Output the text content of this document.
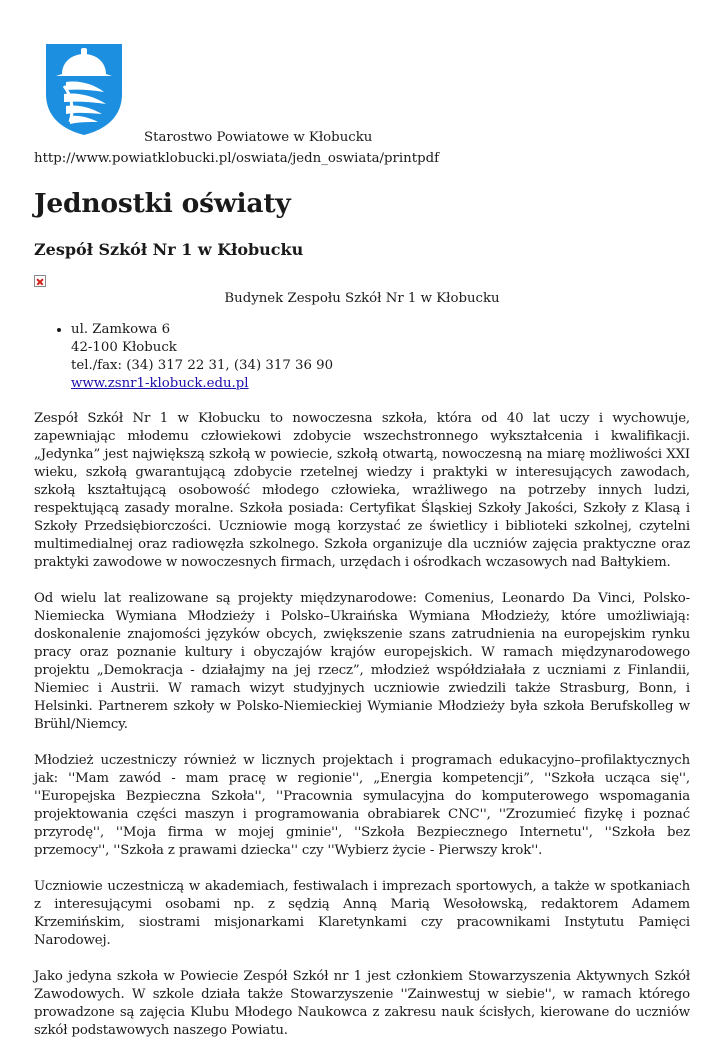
Starostwo Powiatowe w Kłobucku
http://www.powiatklobucki.pl/oswiata/jedn_oswiata/printpdf
Jednostki oświaty
Zespół Szkół Nr 1 w Kłobucku
Budynek Zespołu Szkół Nr 1 w Kłobucku
• ul. Zamkowa 6
42-100 Kłobuck
tel./fax: (34) 317 22 31, (34) 317 36 90
www.zsnr1-klobuck.edu.pl

Zespół Szkół Nr 1 w Kłobucku to nowoczesna szkoła, która od 40 lat uczy i wychowuje, zapewniając młodemu człowiekowi zdobycie wszechstronnego wykształcenia i kwalifikacji. „Jedynka” jest największą szkołą w powiecie, szkołą otwartą, nowoczesną na miarę możliwości XXI wieku, szkołą gwarantującą zdobycie rzetelnej wiedzy i praktyki w interesujących zawodach, szkołą kształtującą osobowość młodego człowieka, wrażliwego na potrzeby innych ludzi, respektującą zasady moralne. Szkoła posiada: Certyfikat Śląskiej Szkoły Jakości, Szkoły z Klasą i Szkoły Przedsiębiorczości. Uczniowie mogą korzystać ze świetlicy i biblioteki szkolnej, czytelni multimedialnej oraz radiowęzła szkolnego. Szkoła organizuje dla uczniów zajęcia praktyczne oraz praktyki zawodowe w nowoczesnych firmach, urzędach i ośrodkach wczasowych nad Bałtykiem.

Od wielu lat realizowane są projekty międzynarodowe: Comenius, Leonardo Da Vinci, Polsko-Niemiecka Wymiana Młodzieży i Polsko–Ukraińska Wymiana Młodzieży, które umożliwiają: doskonalenie znajomości języków obcych, zwiększenie szans zatrudnienia na europejskim rynku pracy oraz poznanie kultury i obyczajów krajów europejskich. W ramach międzynarodowego projektu „Demokracja - działajmy na jej rzecz”, młodzież współdziałała z uczniami z Finlandii, Niemiec i Austrii. W ramach wizyt studyjnych uczniowie zwiedzili także Strasburg, Bonn, i Helsinki. Partnerem szkoły w Polsko-Niemieckiej Wymianie Młodzieży była szkoła Berufskolleg w Brühl/Niemcy.

Młodzież uczestniczy również w licznych projektach i programach edukacyjno–profilaktycznych jak: ''Mam zawód - mam pracę w regionie'', „Energia kompetencji”, ''Szkoła ucząca się'', ''Europejska Bezpieczna Szkoła'', ''Pracownia symulacyjna do komputerowego wspomagania projektowania części maszyn i programowania obrabiarek CNC'', ''Zrozumieć fizykę i poznać przyrodę'', ''Moja firma w mojej gminie'', ''Szkoła Bezpiecznego Internetu'', ''Szkoła bez przemocy'', ''Szkoła z prawami dziecka'' czy ''Wybierz życie - Pierwszy krok''.

Uczniowie uczestniczą w akademiach, festiwalach i imprezach sportowych, a także w spotkaniach z interesującymi osobami np. z sędzią Anną Marią Wesołowską, redaktorem Adamem Krzemińskim, siostrami misjonarkami Klaretynkami czy pracownikami Instytutu Pamięci Narodowej.

Jako jedyna szkoła w Powiecie Zespół Szkół nr 1 jest członkiem Stowarzyszenia Aktywnych Szkół Zawodowych. W szkole działa także Stowarzyszenie ''Zainwestuj w siebie'', w ramach którego prowadzone są zajęcia Klubu Młodego Naukowca z zakresu nauk ścisłych, kierowane do uczniów szkół podstawowych naszego Powiatu.
